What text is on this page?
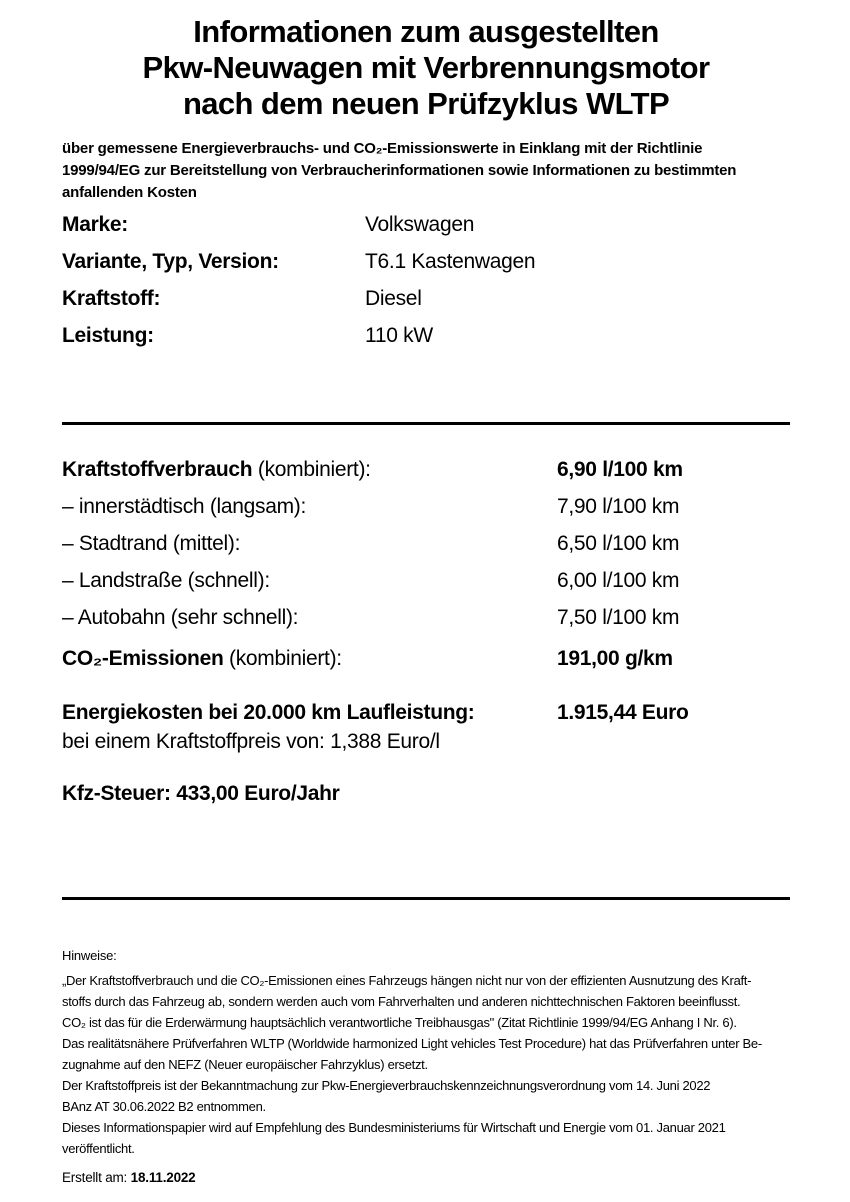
Informationen zum ausgestellten
Pkw-Neuwagen mit Verbrennungsmotor
nach dem neuen Prüfzyklus WLTP
über gemessene Energieverbrauchs- und CO₂-Emissionswerte in Einklang mit der Richtlinie
1999/94/EG zur Bereitstellung von Verbraucherinformationen sowie Informationen zu bestimmten
anfallenden Kosten
Marke:	Volkswagen
Variante, Typ, Version:	T6.1 Kastenwagen
Kraftstoff:	Diesel
Leistung:	110 kW
Kraftstoffverbrauch (kombiniert):	6,90 l/100 km
– innerstädtisch (langsam):	7,90 l/100 km
– Stadtrand (mittel):	6,50 l/100 km
– Landstraße (schnell):	6,00 l/100 km
– Autobahn (sehr schnell):	7,50 l/100 km
CO₂-Emissionen (kombiniert):	191,00 g/km
Energiekosten bei 20.000 km Laufleistung:	1.915,44 Euro
bei einem Kraftstoffpreis von: 1,388 Euro/l
Kfz-Steuer: 433,00 Euro/Jahr
Hinweise:
„Der Kraftstoffverbrauch und die CO₂-Emissionen eines Fahrzeugs hängen nicht nur von der effizienten Ausnutzung des Kraft-
stoffs durch das Fahrzeug ab, sondern werden auch vom Fahrverhalten und anderen nichttechnischen Faktoren beeinflusst.
CO₂ ist das für die Erderwärmung hauptsächlich verantwortliche Treibhausgas" (Zitat Richtlinie 1999/94/EG Anhang I Nr. 6).
Das realitätsnähere Prüfverfahren WLTP (Worldwide harmonized Light vehicles Test Procedure) hat das Prüfverfahren unter Be-
zugnahme auf den NEFZ (Neuer europäischer Fahrzyklus) ersetzt.
Der Kraftstoffpreis ist der Bekanntmachung zur Pkw-Energieverbrauchskennzeichnungsverordnung vom 14. Juni 2022
BAnz AT 30.06.2022 B2 entnommen.
Dieses Informationspapier wird auf Empfehlung des Bundesministeriums für Wirtschaft und Energie vom 01. Januar 2021
veröffentlicht.
Erstellt am: 18.11.2022
